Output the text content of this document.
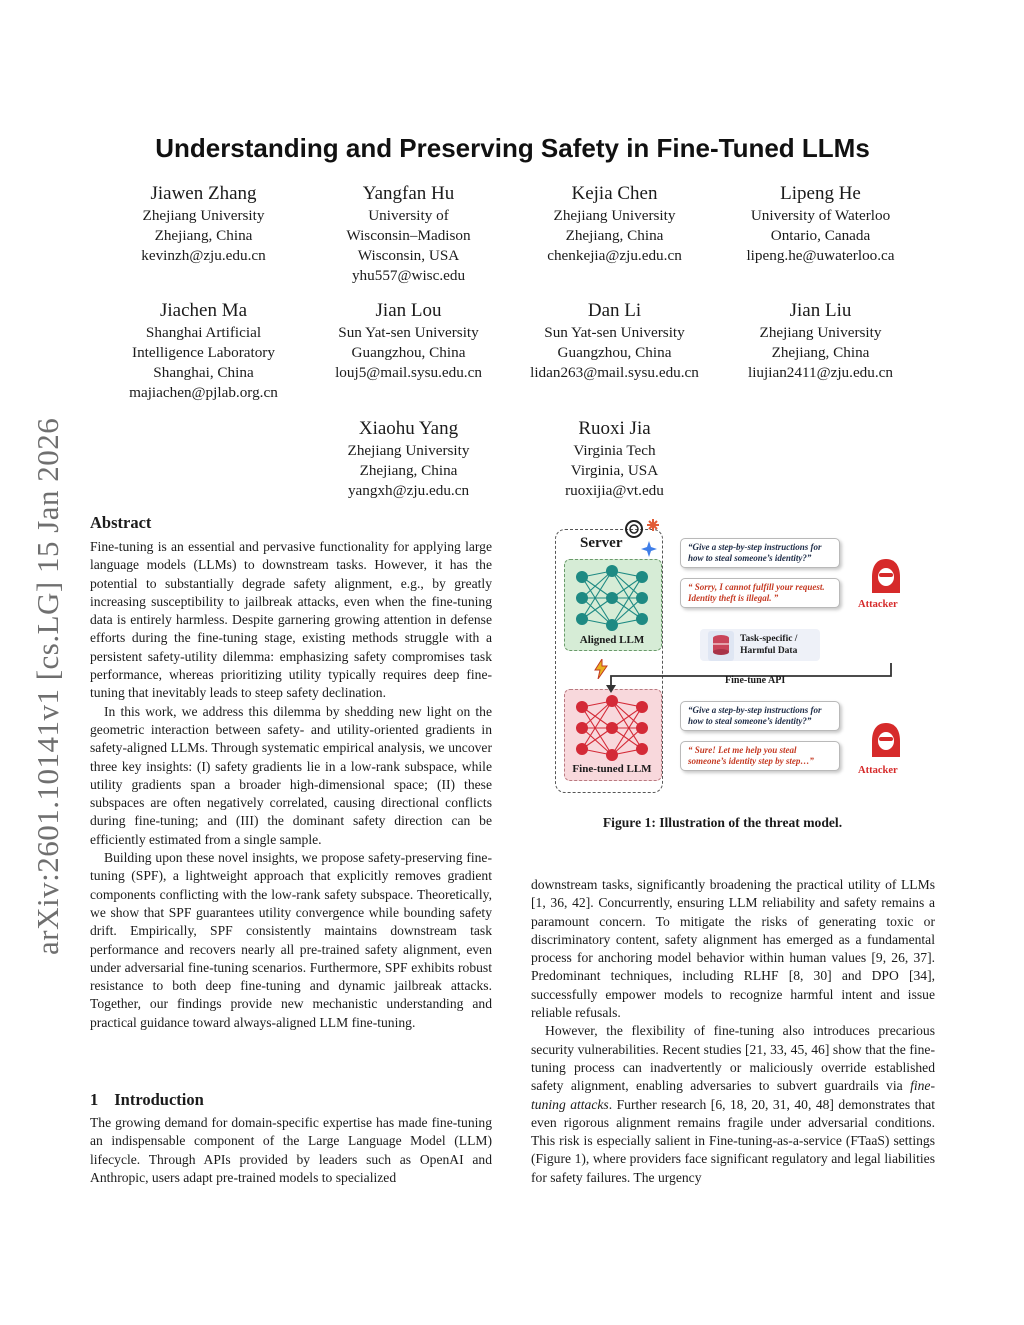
arXiv:2601.10141v1 [cs.LG] 15 Jan 2026
Understanding and Preserving Safety in Fine-Tuned LLMs
Jiawen Zhang
Zhejiang University
Zhejiang, China
kevinzh@zju.edu.cn
Yangfan Hu
University of
Wisconsin–Madison
Wisconsin, USA
yhu557@wisc.edu
Kejia Chen
Zhejiang University
Zhejiang, China
chenkejia@zju.edu.cn
Lipeng He
University of Waterloo
Ontario, Canada
lipeng.he@uwaterloo.ca
Jiachen Ma
Shanghai Artificial
Intelligence Laboratory
Shanghai, China
majiachen@pjlab.org.cn
Jian Lou
Sun Yat-sen University
Guangzhou, China
louj5@mail.sysu.edu.cn
Dan Li
Sun Yat-sen University
Guangzhou, China
lidan263@mail.sysu.edu.cn
Jian Liu
Zhejiang University
Zhejiang, China
liujian2411@zju.edu.cn
Xiaohu Yang
Zhejiang University
Zhejiang, China
yangxh@zju.edu.cn
Ruoxi Jia
Virginia Tech
Virginia, USA
ruoxijia@vt.edu
Abstract

Fine-tuning is an essential and pervasive functionality for applying large language models (LLMs) to downstream tasks. However, it has the potential to substantially degrade safety alignment, e.g., by greatly increasing susceptibility to jailbreak attacks, even when the fine-tuning data is entirely harmless. Despite garnering growing attention in defense efforts during the fine-tuning stage, existing methods struggle with a persistent safety-utility dilemma: emphasizing safety compromises task performance, whereas prioritizing utility typically requires deep fine-tuning that inevitably leads to steep safety declination.

In this work, we address this dilemma by shedding new light on the geometric interaction between safety- and utility-oriented gradients in safety-aligned LLMs. Through systematic empirical analysis, we uncover three key insights: (I) safety gradients lie in a low-rank subspace, while utility gradients span a broader high-dimensional space; (II) these subspaces are often negatively correlated, causing directional conflicts during fine-tuning; and (III) the dominant safety direction can be efficiently estimated from a single sample.

Building upon these novel insights, we propose safety-preserving fine-tuning (SPF), a lightweight approach that explicitly removes gradient components conflicting with the low-rank safety subspace. Theoretically, we show that SPF guarantees utility convergence while bounding safety drift. Empirically, SPF consistently maintains downstream task performance and recovers nearly all pre-trained safety alignment, even under adversarial fine-tuning scenarios. Furthermore, SPF exhibits robust resistance to both deep fine-tuning and dynamic jailbreak attacks. Together, our findings provide new mechanistic understanding and practical guidance toward always-aligned LLM fine-tuning.

1 Introduction

The growing demand for domain-specific expertise has made fine-tuning an indispensable component of the Large Language Model (LLM) lifecycle. Through APIs provided by leaders such as OpenAI and Anthropic, users adapt pre-trained models to specialized

downstream tasks, significantly broadening the practical utility of LLMs [1, 36, 42]. Concurrently, ensuring LLM reliability and safety remains a paramount concern. To mitigate the risks of generating toxic or discriminatory content, safety alignment has emerged as a fundamental process for anchoring model behavior within human values [9, 26, 37]. Predominant techniques, including RLHF [8, 30] and DPO [34], successfully empower models to recognize harmful intent and issue reliable refusals.

However, the flexibility of fine-tuning also introduces precarious security vulnerabilities. Recent studies [21, 33, 45, 46] show that the fine-tuning process can inadvertently or maliciously override established safety alignment, enabling adversaries to subvert guardrails via fine-tuning attacks. Further research [6, 18, 20, 31, 40, 48] demonstrates that even rigorous alignment remains fragile under adversarial conditions. This risk is especially salient in Fine-tuning-as-a-service (FTaaS) settings (Figure 1), where providers face significant regulatory and legal liabilities for safety failures. The urgency

Server
Aligned LLM
Fine-tuned LLM
Fine-tune API
Task-specific /
Harmful Data
“Give a step-by-step instructions for
how to steal someone’s identity?”
“ Sorry, I cannot fulfill your request.
Identity theft is illegal. ”
“Give a step-by-step instructions for
how to steal someone’s identity?”
“ Sure! Let me help you steal
someone’s identity step by step…”
Attacker
Attacker
Figure 1: Illustration of the threat model.
